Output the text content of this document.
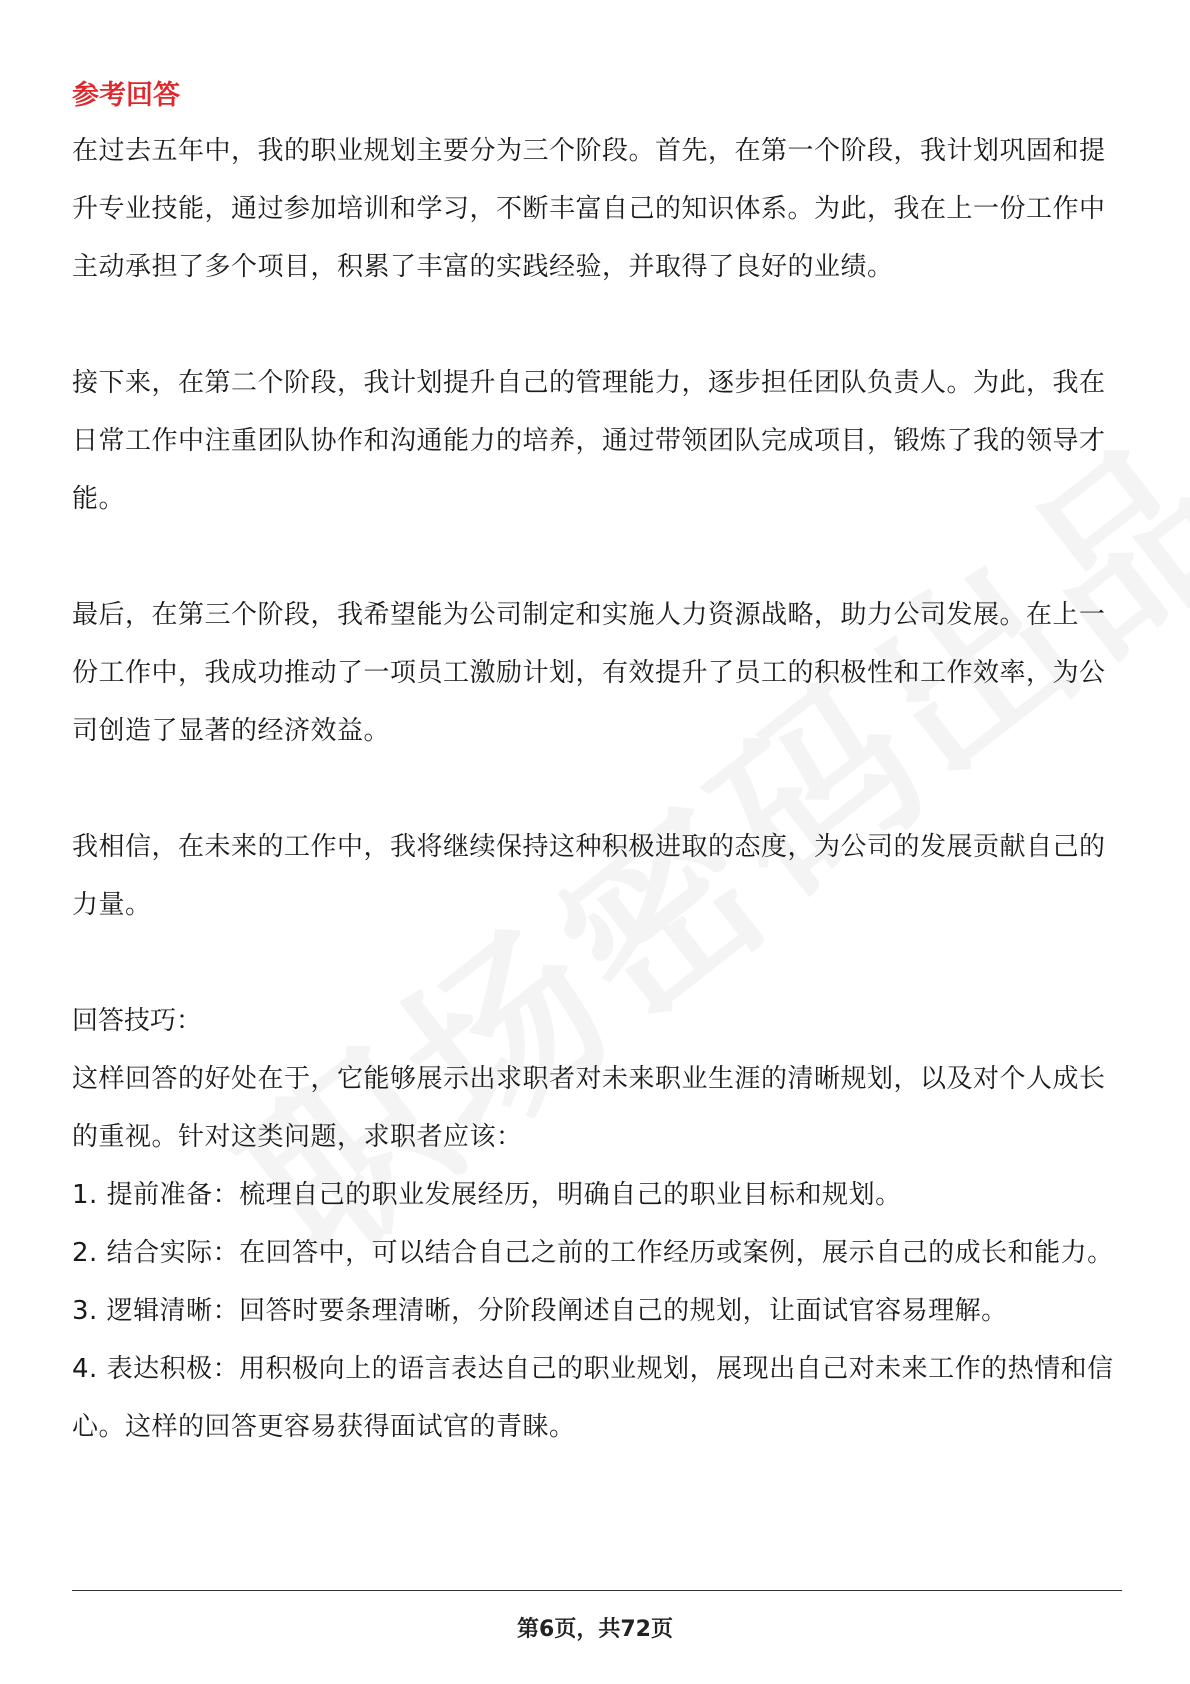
参考回答

在过去五年中，我的职业规划主要分为三个阶段。首先，在第一个阶段，我计划巩固和提升专业技能，通过参加培训和学习，不断丰富自己的知识体系。为此，我在上一份工作中主动承担了多个项目，积累了丰富的实践经验，并取得了良好的业绩。

接下来，在第二个阶段，我计划提升自己的管理能力，逐步担任团队负责人。为此，我在日常工作中注重团队协作和沟通能力的培养，通过带领团队完成项目，锻炼了我的领导才能。

最后，在第三个阶段，我希望能为公司制定和实施人力资源战略，助力公司发展。在上一份工作中，我成功推动了一项员工激励计划，有效提升了员工的积极性和工作效率，为公司创造了显著的经济效益。

我相信，在未来的工作中，我将继续保持这种积极进取的态度，为公司的发展贡献自己的力量。

回答技巧：

这样回答的好处在于，它能够展示出求职者对未来职业生涯的清晰规划，以及对个人成长的重视。针对这类问题，求职者应该：

1. 提前准备：梳理自己的职业发展经历，明确自己的职业目标和规划。

2. 结合实际：在回答中，可以结合自己之前的工作经历或案例，展示自己的成长和能力。

3. 逻辑清晰：回答时要条理清晰，分阶段阐述自己的规划，让面试官容易理解。

4. 表达积极：用积极向上的语言表达自己的职业规划，展现出自己对未来工作的热情和信心。这样的回答更容易获得面试官的青睐。

第6页，共72页
